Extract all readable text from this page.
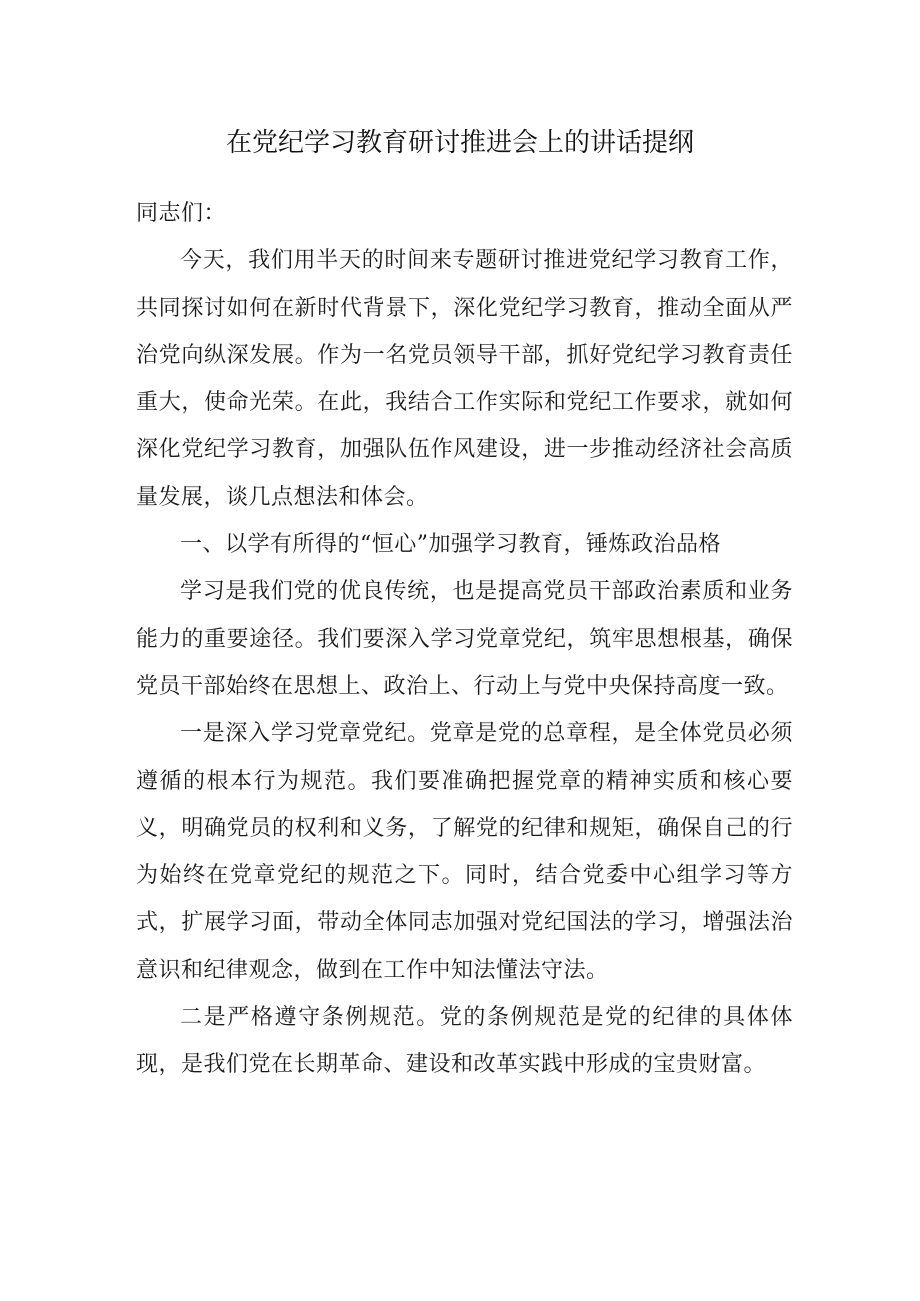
在党纪学习教育研讨推进会上的讲话提纲

同志们：

今天，我们用半天的时间来专题研讨推进党纪学习教育工作，共同探讨如何在新时代背景下，深化党纪学习教育，推动全面从严治党向纵深发展。作为一名党员领导干部，抓好党纪学习教育责任重大，使命光荣。在此，我结合工作实际和党纪工作要求，就如何深化党纪学习教育，加强队伍作风建设，进一步推动经济社会高质量发展，谈几点想法和体会。

一、以学有所得的“恒心”加强学习教育，锤炼政治品格

学习是我们党的优良传统，也是提高党员干部政治素质和业务能力的重要途径。我们要深入学习党章党纪，筑牢思想根基，确保党员干部始终在思想上、政治上、行动上与党中央保持高度一致。

一是深入学习党章党纪。党章是党的总章程，是全体党员必须遵循的根本行为规范。我们要准确把握党章的精神实质和核心要义，明确党员的权利和义务，了解党的纪律和规矩，确保自己的行为始终在党章党纪的规范之下。同时，结合党委中心组学习等方式，扩展学习面，带动全体同志加强对党纪国法的学习，增强法治意识和纪律观念，做到在工作中知法懂法守法。

二是严格遵守条例规范。党的条例规范是党的纪律的具体体现，是我们党在长期革命、建设和改革实践中形成的宝贵财富。
